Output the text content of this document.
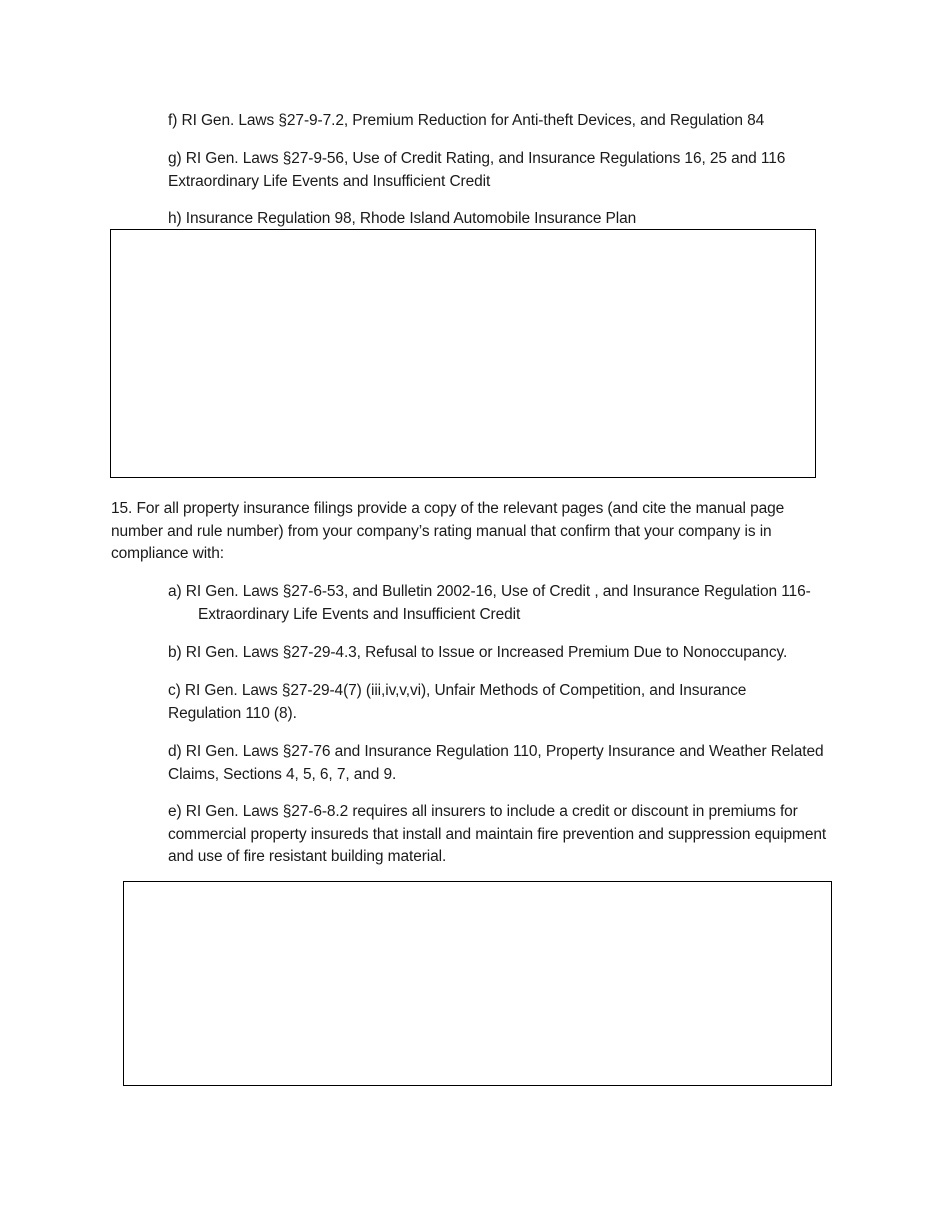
f) RI Gen. Laws §27-9-7.2, Premium Reduction for Anti-theft Devices, and Regulation 84

g) RI Gen. Laws §27-9-56, Use of Credit Rating, and Insurance Regulations 16, 25 and 116 Extraordinary Life Events and Insufficient Credit

h) Insurance Regulation 98, Rhode Island Automobile Insurance Plan

15. For all property insurance filings provide a copy of the relevant pages (and cite the manual page number and rule number) from your company’s rating manual that confirm that your company is in compliance with:

a) RI Gen. Laws §27-6-53, and Bulletin 2002-16, Use of Credit , and Insurance Regulation 116- Extraordinary Life Events and Insufficient Credit

b) RI Gen. Laws §27-29-4.3, Refusal to Issue or Increased Premium Due to Nonoccupancy.

c) RI Gen. Laws §27-29-4(7) (iii,iv,v,vi), Unfair Methods of Competition, and Insurance Regulation 110 (8).

d) RI Gen. Laws §27-76 and Insurance Regulation 110, Property Insurance and Weather Related Claims, Sections 4, 5, 6, 7, and 9.

e) RI Gen. Laws §27-6-8.2 requires all insurers to include a credit or discount in premiums for commercial property insureds that install and maintain fire prevention and suppression equipment and use of fire resistant building material.
